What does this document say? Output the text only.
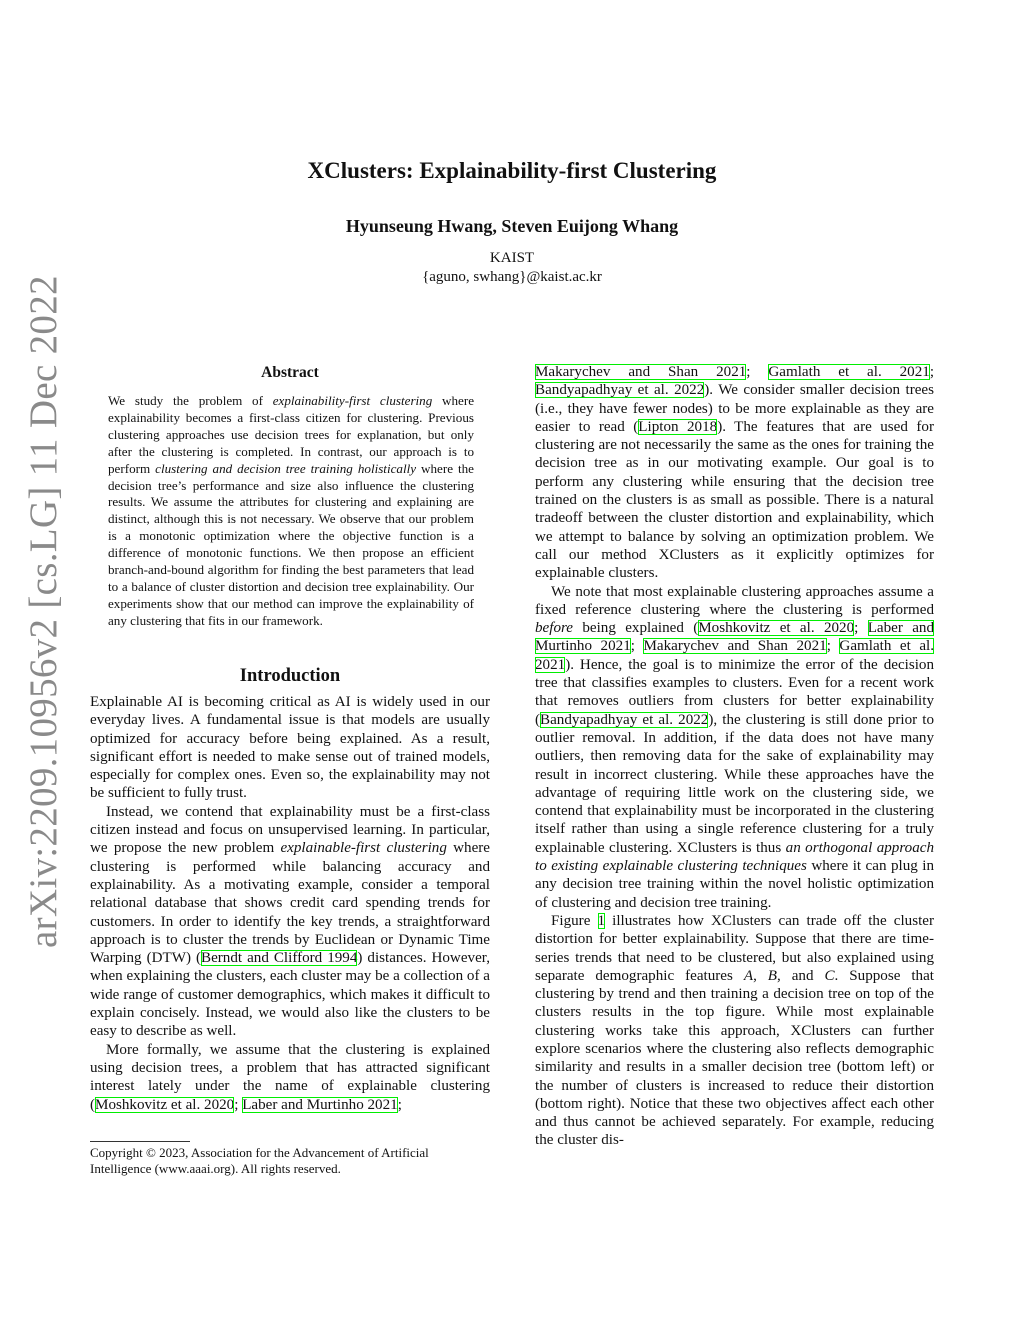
arXiv:2209.10956v2 [cs.LG] 11 Dec 2022
XClusters: Explainability-first Clustering
Hyunseung Hwang, Steven Euijong Whang
KAIST
{aguno, swhang}@kaist.ac.kr
Abstract
We study the problem of explainability-first clustering where explainability becomes a first-class citizen for clustering. Previous clustering approaches use decision trees for explanation, but only after the clustering is completed. In contrast, our approach is to perform clustering and decision tree training holistically where the decision tree’s performance and size also influence the clustering results. We assume the attributes for clustering and explaining are distinct, although this is not necessary. We observe that our problem is a monotonic optimization where the objective function is a difference of monotonic functions. We then propose an efficient branch-and-bound algorithm for finding the best parameters that lead to a balance of cluster distortion and decision tree explainability. Our experiments show that our method can improve the explainability of any clustering that fits in our framework.
Introduction

Explainable AI is becoming critical as AI is widely used in our everyday lives. A fundamental issue is that models are usually optimized for accuracy before being explained. As a result, significant effort is needed to make sense out of trained models, especially for complex ones. Even so, the explainability may not be sufficient to fully trust.

Instead, we contend that explainability must be a first-class citizen instead and focus on unsupervised learning. In particular, we propose the new problem explainable-first clustering where clustering is performed while balancing accuracy and explainability. As a motivating example, consider a temporal relational database that shows credit card spending trends for customers. In order to identify the key trends, a straightforward approach is to cluster the trends by Euclidean or Dynamic Time Warping (DTW) (Berndt and Clifford 1994) distances. However, when explaining the clusters, each cluster may be a collection of a wide range of customer demographics, which makes it difficult to explain concisely. Instead, we would also like the clusters to be easy to describe as well.

More formally, we assume that the clustering is explained using decision trees, a problem that has attracted significant interest lately under the name of explainable clustering (Moshkovitz et al. 2020; Laber and Murtinho 2021;

Copyright © 2023, Association for the Advancement of Artificial Intelligence (www.aaai.org). All rights reserved.

Makarychev and Shan 2021; Gamlath et al. 2021; Bandyapadhyay et al. 2022). We consider smaller decision trees (i.e., they have fewer nodes) to be more explainable as they are easier to read (Lipton 2018). The features that are used for clustering are not necessarily the same as the ones for training the decision tree as in our motivating example. Our goal is to perform any clustering while ensuring that the decision tree trained on the clusters is as small as possible. There is a natural tradeoff between the cluster distortion and explainability, which we attempt to balance by solving an optimization problem. We call our method XClusters as it explicitly optimizes for explainable clusters.

We note that most explainable clustering approaches assume a fixed reference clustering where the clustering is performed before being explained (Moshkovitz et al. 2020; Laber and Murtinho 2021; Makarychev and Shan 2021; Gamlath et al. 2021). Hence, the goal is to minimize the error of the decision tree that classifies examples to clusters. Even for a recent work that removes outliers from clusters for better explainability (Bandyapadhyay et al. 2022), the clustering is still done prior to outlier removal. In addition, if the data does not have many outliers, then removing data for the sake of explainability may result in incorrect clustering. While these approaches have the advantage of requiring little work on the clustering side, we contend that explainability must be incorporated in the clustering itself rather than using a single reference clustering for a truly explainable clustering. XClusters is thus an orthogonal approach to existing explainable clustering techniques where it can plug in any decision tree training within the novel holistic optimization of clustering and decision tree training.

Figure 1 illustrates how XClusters can trade off the cluster distortion for better explainability. Suppose that there are time-series trends that need to be clustered, but also explained using separate demographic features A, B, and C. Suppose that clustering by trend and then training a decision tree on top of the clusters results in the top figure. While most explainable clustering works take this approach, XClusters can further explore scenarios where the clustering also reflects demographic similarity and results in a smaller decision tree (bottom left) or the number of clusters is increased to reduce their distortion (bottom right). Notice that these two objectives affect each other and thus cannot be achieved separately. For example, reducing the cluster dis-
